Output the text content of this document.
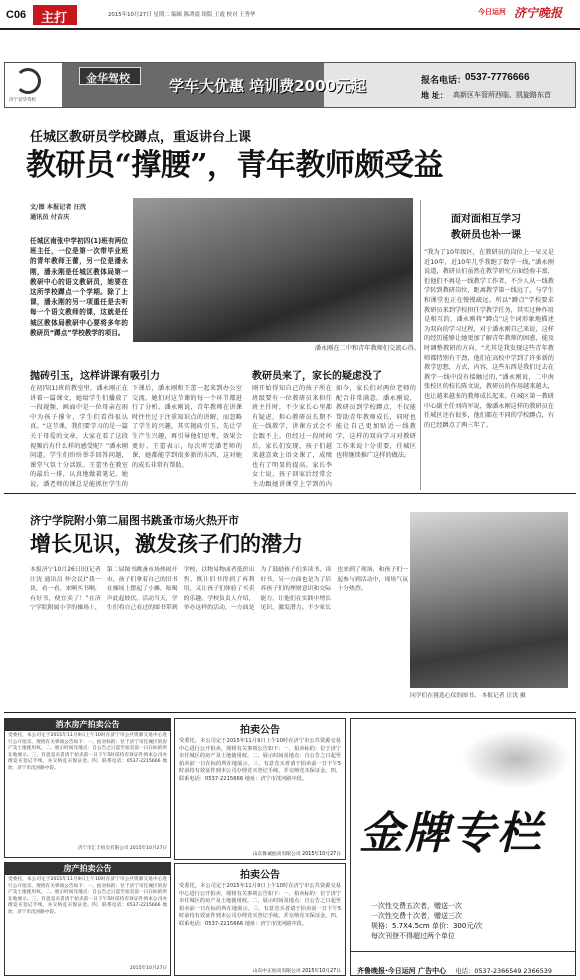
C06 主打	2015年10月27日 星期二 编辑 陈鸿震 组版 王霞 校对 王秀华	今日运河 济宁晚报
济宁显华驾校
金华驾校	学车大优惠 培训费2000元起	报名电话：
0537-7776666
地 址： 高新区车管所西临、凯旋路东首
任城区教研员学校蹲点，重返讲台上课
教研员“撑腰”，青年教师颇受益
文/图 本报记者 汪洸
通讯员 付吉庆
任城区南张中学初四(1)班有两位班主任，一位是第一次带毕业班的青年教师王蕾，另一位是潘永刚，潘永刚是任城区教体局第一教研中心的语文教研员，她要在这所学校蹲点一个学期。除了上课，潘永刚的另一项重任是去听每一个语文教师的课，这就是任城区教体局教研中心要将多年的教研员“蹲点”学校教学的项目。
潘永刚在二中和青年教师们交流心得。
面对面相互学习
教研员也补一课
“我为了10年级区，在教研员的岗位上一呆又是近10年，近10年几乎我跑了数学一线，”潘永刚说道，教研员们虽然在教学研究方面经验丰富，但他们不再是一线教学工作者，不少人从一线教学转到教研岗位，距离教学第一线远了，与学生和课堂也正在慢慢疏远。所以“蹲点”学校要求教研员来到学校担任学教学任务，其实过种作用是相互的，潘永刚将“蹲点”这个词形象地描述为双向的学习过程，对于潘永刚自己来说，这样的经历能够让她更加了解青年教师的困惑，能及时调整教研的方向。“尤其是我发现这些青年教师都特别有干劲，他们在高校中学到了许多新的教学思想，方式、内容，这些东西是我们过去在教学一线中没有接触过的，”潘永刚说，二中南张校区的校长陈文说，教研员的作用越来越大，也让越来越多的教师成长起来。任城区第一教研中心副主任刘尚军说，像潘永刚这样的教研员在任城区还有很多，他们都在不同的学校蹲点，有的已经蹲点了两三年了。
抛砖引玉，这样讲课有吸引力
在初四(1)班的教室里，潘永刚正在讲着一篇课文，她给学生们播放了一段视频，画面中是一位母亲在雨中为孩子撑伞，学生们看得很认真。“这节课，我们要学习的是一篇关于母爱的文章，大家在看了这段视频后有什么样的感受呢？”潘永刚问道。学生们纷纷举手回答问题，课堂气氛十分活跃。王蕾坐在教室的最后一排，认真地做着笔记。她说，潘老师的课总是能抓住学生的
下课后，潘永刚和王蕾一起来到办公室交流，她们对这节课的每一个环节都进行了分析。潘永刚说，青年教师在讲课时往往过于注重知识点的讲解，而忽略了学生的兴趣，其实抛砖引玉，先让学生产生兴趣，再引导他们思考，效果会更好。王蕾表示，每次听完潘老师的课，她都能学到很多新的东西，这对她的成长非常有帮助。
教研员来了，家长的疑虑没了
刚开始得知自己的孩子所在班级要有一位教研员来担任班主任时，不少家长心里都有疑虑，担心教研员长期不在一线教学，讲课方式会不会跟不上。但经过一段时间后，家长们发现，孩子们越来越喜欢上语文课了，成绩也有了明显的提高。家长李女士说，孩子回家后经常会主动跟她讲课堂上学到的内
如今，家长们对两位老师的配合非常满意。潘永刚说，教研员到学校蹲点，不仅能帮助青年教师成长，同时也能让自己更加贴近一线教学，这样的双向学习对教研工作来说十分重要，任城区也将继续推广这样的做法。
济宁学院附小第二届图书跳蚤市场火热开市
增长见识，激发孩子们的潜力
本报济宁10月26日讯(记者 汪洸 通讯员 仲会民)“我一块，看一看，来啊买书啊，有好书，便宜卖了！”在济宁学院附属小学的操场上，第二届图书跳蚤市场热闹开市，孩子们拿着自己的旧书在操场上摆起了小摊，吆喝声此起彼伏。活动当天，学生们将自己看过的图书带到学校，以物易物或者低价出售，既让旧书得到了再利用，又让孩子们体验了买卖的乐趣。学校负责人介绍，举办这样的活动，一方面是为了鼓励孩子们多读书、读好书，另一方面也是为了培养孩子们的理财意识和交际能力，让他们在实践中增长见识，激发潜力。不少家长也来到了现场，和孩子们一起参与到活动中，现场气氛十分热烈。
同学们在挑选心仪的图书。 本报记者 汪洸 摄
消水房产拍卖公告
受委托，本公司定于2015年11月9日上午10时在济宁市公共资源交易中心进行公开拍卖，现将有关事项公告如下：一、拍卖标的：位于济宁市任城区的房产及土地使用权。二、展示时间及地点：自公告之日起至拍卖前一日在标的所在地展示。三、有意竞买者请于拍卖前一日下午5时前持有效证件到本公司办理竞买登记手续，并交纳竞买保证金。四、联系电话：0537-2215666 地址：济宁市洸河路中段。
济宁市汇丰拍卖有限公司 2015年10月27日
房产拍卖公告
受委托，本公司定于2015年11月9日上午10时在济宁市公共资源交易中心进行公开拍卖，现将有关事项公告如下：一、拍卖标的：位于济宁市任城区的房产及土地使用权。二、展示时间及地点：自公告之日起至拍卖前一日在标的所在地展示。三、有意竞买者请于拍卖前一日下午5时前持有效证件到本公司办理竞买登记手续，并交纳竞买保证金。四、联系电话：0537-2215666 地址：济宁市洸河路中段。
2015年10月27日
拍卖公告
受委托，本公司定于2015年11月9日上午10时在济宁市公共资源交易中心进行公开拍卖，现将有关事项公告如下：一、拍卖标的：位于济宁市任城区的房产及土地使用权。二、展示时间及地点：自公告之日起至拍卖前一日在标的所在地展示。三、有意竞买者请于拍卖前一日下午5时前持有效证件到本公司办理竞买登记手续，并交纳竞买保证金。四、联系电话：0537-2215666 地址：济宁市洸河路中段。
山东鲁诚拍卖有限公司 2015年10月27日
拍卖公告
受委托，本公司定于2015年11月9日上午10时在济宁市公共资源交易中心进行公开拍卖，现将有关事项公告如下：一、拍卖标的：位于济宁市任城区的房产及土地使用权。二、展示时间及地点：自公告之日起至拍卖前一日在标的所在地展示。三、有意竞买者请于拍卖前一日下午5时前持有效证件到本公司办理竞买登记手续，并交纳竞买保证金。四、联系电话：0537-2215666 地址：济宁市洸河路中段。
山东中正拍卖有限公司 2015年10月27日
金牌专栏
一次性交费五次者，赠送一次
一次性交费十次者，赠送三次
规格：5.7X4.5cm 单价：300元/次
每次刊登不得超过两个单位
齐鲁晚报·今日运河 广告中心 电话：0537-2366549 2366539
